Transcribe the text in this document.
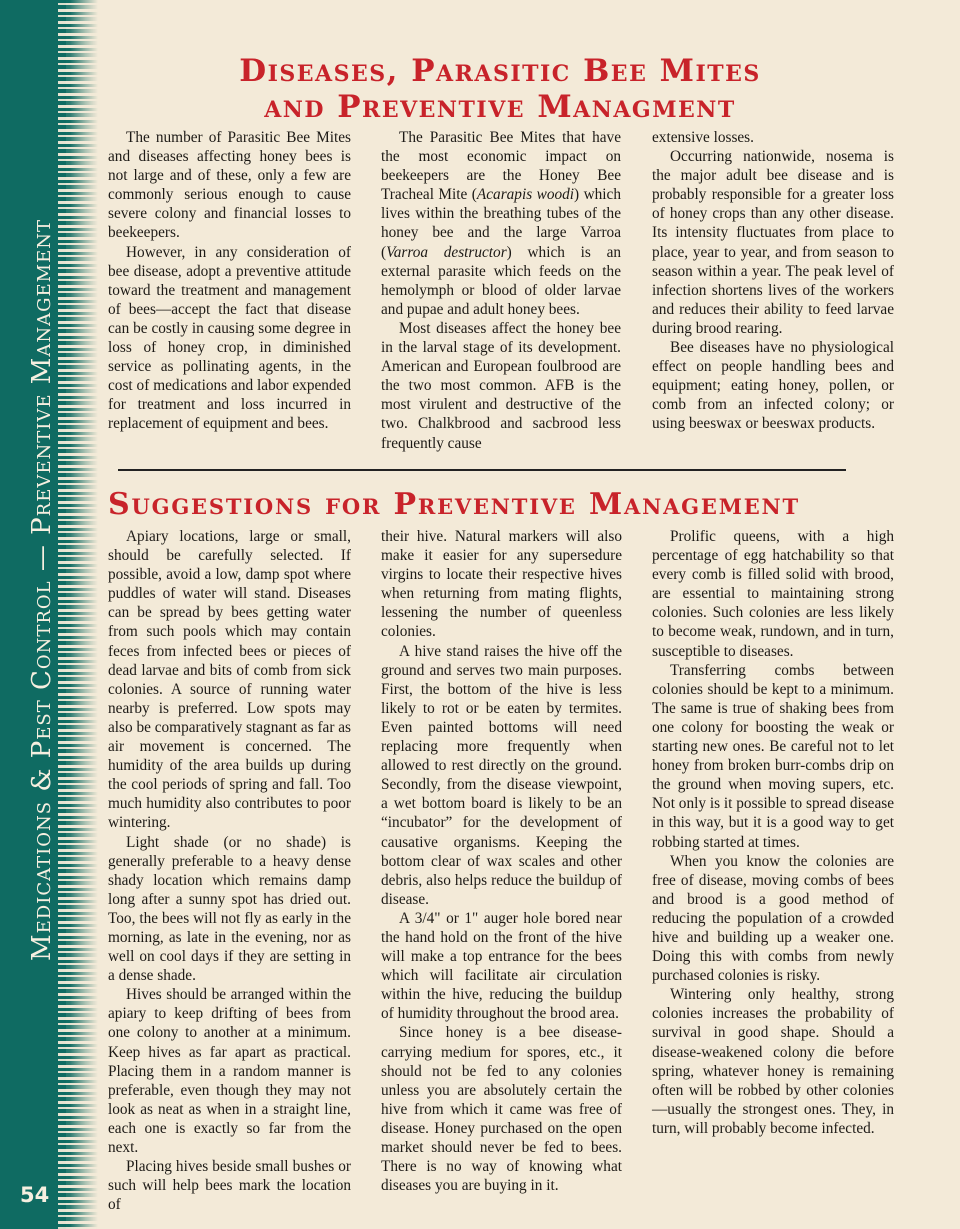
Medications & Pest Control — Preventive Management
54
Diseases, Parasitic Bee Mites
and Preventive Managment

The number of Parasitic Bee Mites and diseases affecting honey bees is not large and of these, only a few are commonly serious enough to cause severe colony and financial losses to beekeepers.

However, in any consideration of bee disease, adopt a preventive attitude toward the treatment and management of bees—accept the fact that disease can be costly in causing some degree in loss of honey crop, in diminished service as pollinating agents, in the cost of medications and labor expended for treatment and loss incurred in replacement of equipment and bees.

The Parasitic Bee Mites that have the most economic impact on beekeepers are the Honey Bee Tracheal Mite (Acarapis woodi) which lives within the breathing tubes of the honey bee and the large Varroa (Varroa destructor) which is an external parasite which feeds on the hemolymph or blood of older larvae and pupae and adult honey bees.

Most diseases affect the honey bee in the larval stage of its development. American and European foulbrood are the two most common. AFB is the most virulent and destructive of the two. Chalkbrood and sacbrood less frequently cause

extensive losses.

Occurring nationwide, nosema is the major adult bee disease and is probably responsible for a greater loss of honey crops than any other disease. Its intensity fluctuates from place to place, year to year, and from season to season within a year. The peak level of infection shortens lives of the workers and reduces their ability to feed larvae during brood rearing.

Bee diseases have no physiological effect on people handling bees and equipment; eating honey, pollen, or comb from an infected colony; or using beeswax or beeswax products.

Suggestions for Preventive Management

Apiary locations, large or small, should be carefully selected. If possible, avoid a low, damp spot where puddles of water will stand. Diseases can be spread by bees getting water from such pools which may contain feces from infected bees or pieces of dead larvae and bits of comb from sick colonies. A source of running water nearby is preferred. Low spots may also be comparatively stagnant as far as air movement is concerned. The humidity of the area builds up during the cool periods of spring and fall. Too much humidity also contributes to poor wintering.

Light shade (or no shade) is generally preferable to a heavy dense shady location which remains damp long after a sunny spot has dried out. Too, the bees will not fly as early in the morning, as late in the evening, nor as well on cool days if they are setting in a dense shade.

Hives should be arranged within the apiary to keep drifting of bees from one colony to another at a minimum. Keep hives as far apart as practical. Placing them in a random manner is preferable, even though they may not look as neat as when in a straight line, each one is exactly so far from the next.

Placing hives beside small bushes or such will help bees mark the location of

their hive. Natural markers will also make it easier for any supersedure virgins to locate their respective hives when returning from mating flights, lessening the number of queenless colonies.

A hive stand raises the hive off the ground and serves two main purposes. First, the bottom of the hive is less likely to rot or be eaten by termites. Even painted bottoms will need replacing more frequently when allowed to rest directly on the ground. Secondly, from the disease viewpoint, a wet bottom board is likely to be an “incubator” for the development of causative organisms. Keeping the bottom clear of wax scales and other debris, also helps reduce the buildup of disease.

A 3/4" or 1" auger hole bored near the hand hold on the front of the hive will make a top entrance for the bees which will facilitate air circulation within the hive, reducing the buildup of humidity throughout the brood area.

Since honey is a bee disease-carrying medium for spores, etc., it should not be fed to any colonies unless you are absolutely certain the hive from which it came was free of disease. Honey purchased on the open market should never be fed to bees. There is no way of knowing what diseases you are buying in it.

Prolific queens, with a high percentage of egg hatchability so that every comb is filled solid with brood, are essential to maintaining strong colonies. Such colonies are less likely to become weak, rundown, and in turn, susceptible to diseases.

Transferring combs between colonies should be kept to a minimum. The same is true of shaking bees from one colony for boosting the weak or starting new ones. Be careful not to let honey from broken burr-combs drip on the ground when moving supers, etc. Not only is it possible to spread disease in this way, but it is a good way to get robbing started at times.

When you know the colonies are free of disease, moving combs of bees and brood is a good method of reducing the population of a crowded hive and building up a weaker one. Doing this with combs from newly purchased colonies is risky.

Wintering only healthy, strong colonies increases the probability of survival in good shape. Should a disease-weakened colony die before spring, whatever honey is remaining often will be robbed by other colonies—usually the strongest ones. They, in turn, will probably become infected.
